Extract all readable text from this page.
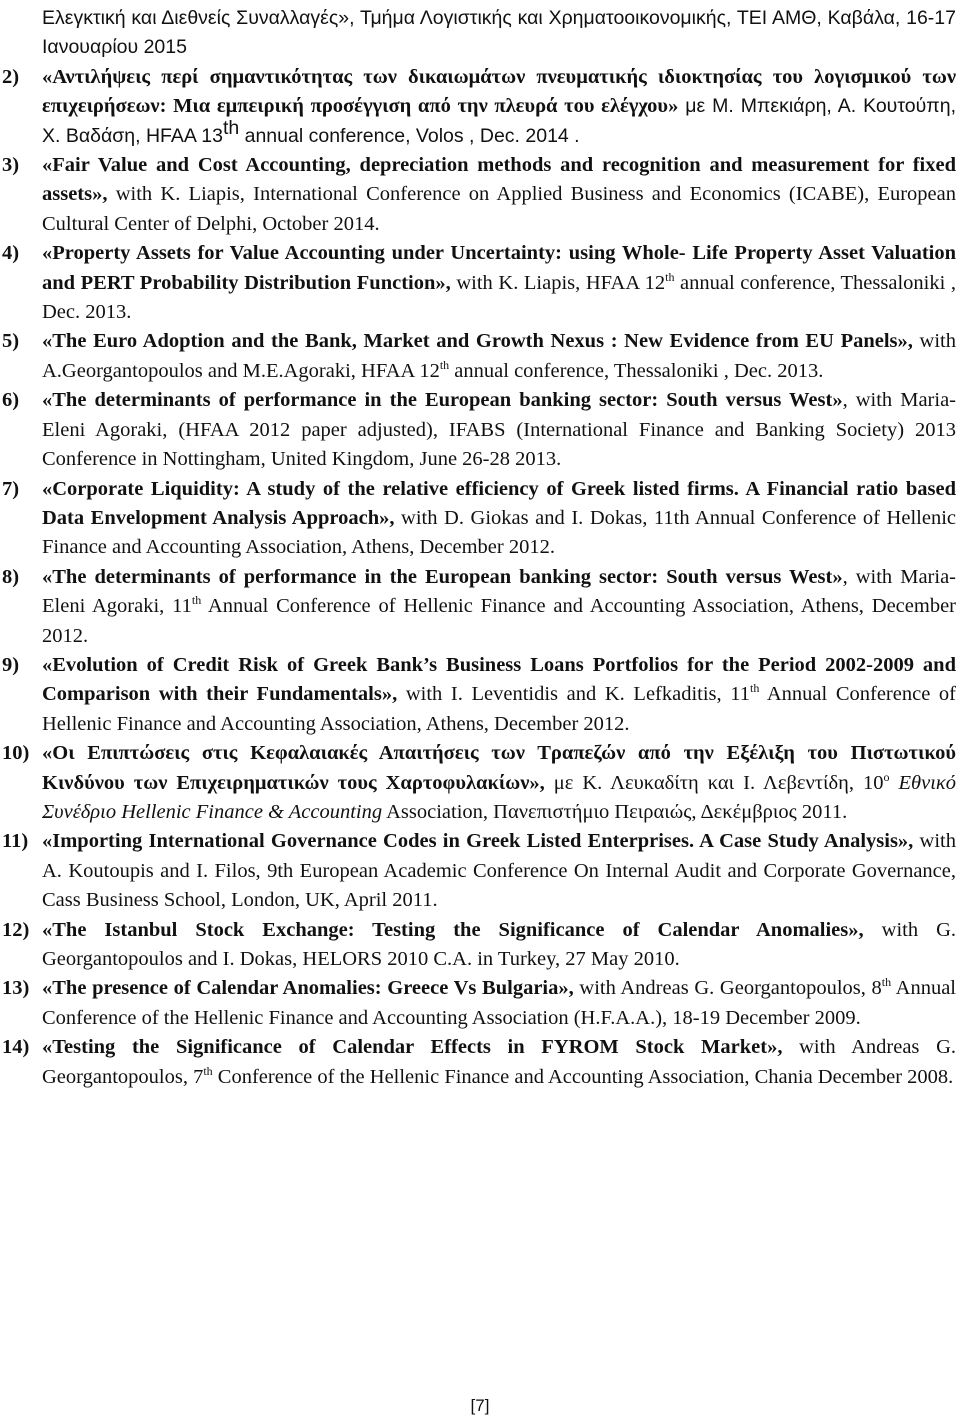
Ελεγκτική και Διεθνείς Συναλλαγές», Τμήμα Λογιστικής και Χρηματοοικονομικής, ΤΕΙ ΑΜΘ, Καβάλα, 16-17 Ιανουαρίου 2015
2) «Αντιλήψεις περί σημαντικότητας των δικαιωμάτων πνευματικής ιδιοκτησίας του λογισμικού των επιχειρήσεων: Μια εμπειρική προσέγγιση από την πλευρά του ελέγχου» με Μ. Μπεκιάρη, Α. Κουτούπη, Χ. Βαδάση, HFAA 13th annual conference, Volos , Dec. 2014 .
3) «Fair Value and Cost Accounting, depreciation methods and recognition and measurement for fixed assets», with K. Liapis, International Conference on Applied Business and Economics (ICABE), European Cultural Center of Delphi, October 2014.
4) «Property Assets for Value Accounting under Uncertainty: using Whole- Life Property Asset Valuation and PERT Probability Distribution Function», with K. Liapis, HFAA 12th annual conference, Thessaloniki , Dec. 2013.
5) «The Euro Adoption and the Bank, Market and Growth Nexus : New Evidence from EU Panels», with A.Georgantopoulos and M.E.Agoraki, HFAA 12th annual conference, Thessaloniki , Dec. 2013.
6) «The determinants of performance in the European banking sector: South versus West», with Maria-Eleni Agoraki, (HFAA 2012 paper adjusted), IFABS (International Finance and Banking Society) 2013 Conference in Nottingham, United Kingdom, June 26-28 2013.
7) «Corporate Liquidity: A study of the relative efficiency of Greek listed firms. A Financial ratio based Data Envelopment Analysis Approach», with D. Giokas and I. Dokas, 11th Annual Conference of Hellenic Finance and Accounting Association, Athens, December 2012.
8) «The determinants of performance in the European banking sector: South versus West», with Maria-Eleni Agoraki, 11th Annual Conference of Hellenic Finance and Accounting Association, Athens, December 2012.
9) «Evolution of Credit Risk of Greek Bank’s Business Loans Portfolios for the Period 2002-2009 and Comparison with their Fundamentals», with I. Leventidis and K. Lefkaditis, 11th Annual Conference of Hellenic Finance and Accounting Association, Athens, December 2012.
10) «Οι Επιπτώσεις στις Κεφαλαιακές Απαιτήσεις των Τραπεζών από την Εξέλιξη του Πιστωτικού Κινδύνου των Επιχειρηματικών τους Χαρτοφυλακίων», με Κ. Λευκαδίτη και Ι. Λεβεντίδη, $10^o$ Εθνικό Συνέδριο Hellenic Finance & Accounting Association, Πανεπιστήμιο Πειραιώς, Δεκέμβριος 2011.
11) «Importing International Governance Codes in Greek Listed Enterprises. A Case Study Analysis», with A. Koutoupis and I. Filos, 9th European Academic Conference On Internal Audit and Corporate Governance, Cass Business School, London, UK, April 2011.
12) «The Istanbul Stock Exchange: Testing the Significance of Calendar Anomalies», with G. Georgantopoulos and I. Dokas, HELORS 2010 C.A. in Turkey, 27 May 2010.
13) «The presence of Calendar Anomalies: Greece Vs Bulgaria», with Andreas G. Georgantopoulos, 8th Annual Conference of the Hellenic Finance and Accounting Association (H.F.A.A.), 18-19 December 2009.
14) «Testing the Significance of Calendar Effects in FYROM Stock Market», with Andreas G. Georgantopoulos, 7th Conference of the Hellenic Finance and Accounting Association, Chania December 2008.
[7]
